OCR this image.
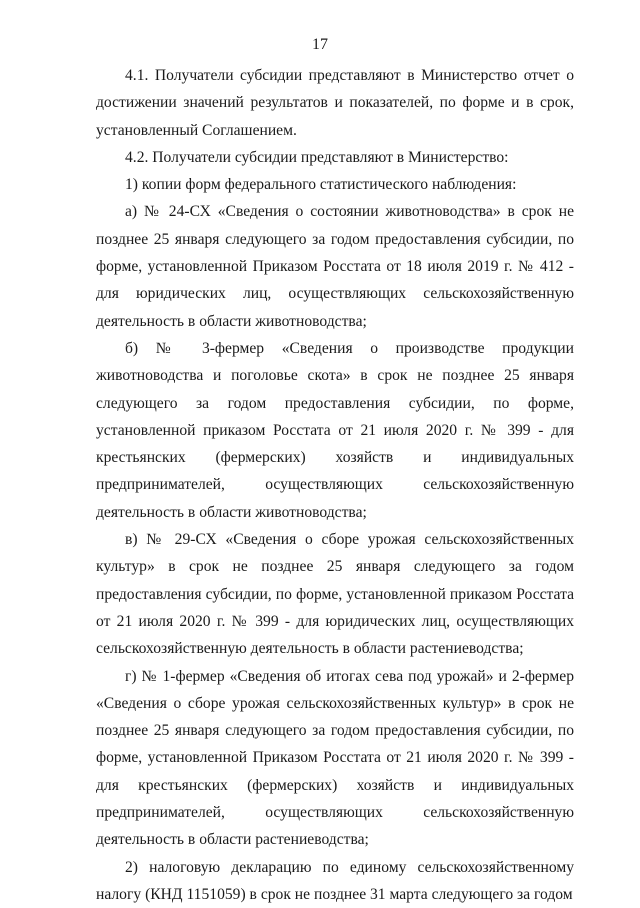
17

4.1. Получатели субсидии представляют в Министерство отчет о достижении значений результатов и показателей, по форме и в срок, установленный Соглашением.

4.2. Получатели субсидии представляют в Министерство:

1) копии форм федерального статистического наблюдения:

а) № 24-СХ «Сведения о состоянии животноводства» в срок не позднее 25 января следующего за годом предоставления субсидии, по форме, установленной Приказом Росстата от 18 июля 2019 г. № 412 - для юридических лиц, осуществляющих сельскохозяйственную деятельность в области животноводства;

б) № 3-фермер «Сведения о производстве продукции животноводства и поголовье скота» в срок не позднее 25 января следующего за годом предоставления субсидии, по форме, установленной приказом Росстата от 21 июля 2020 г. № 399 - для крестьянских (фермерских) хозяйств и индивидуальных предпринимателей, осуществляющих сельскохозяйственную деятельность в области животноводства;

в) № 29-СХ «Сведения о сборе урожая сельскохозяйственных культур» в срок не позднее 25 января следующего за годом предоставления субсидии, по форме, установленной приказом Росстата от 21 июля 2020 г. № 399 - для юридических лиц, осуществляющих сельскохозяйственную деятельность в области растениеводства;

г) № 1-фермер «Сведения об итогах сева под урожай» и 2-фермер «Сведения о сборе урожая сельскохозяйственных культур» в срок не позднее 25 января следующего за годом предоставления субсидии, по форме, установленной Приказом Росстата от 21 июля 2020 г. № 399 - для крестьянских (фермерских) хозяйств и индивидуальных предпринимателей, осуществляющих сельскохозяйственную деятельность в области растениеводства;

2) налоговую декларацию по единому сельскохозяйственному налогу (КНД 1151059) в срок не позднее 31 марта следующего за годом
